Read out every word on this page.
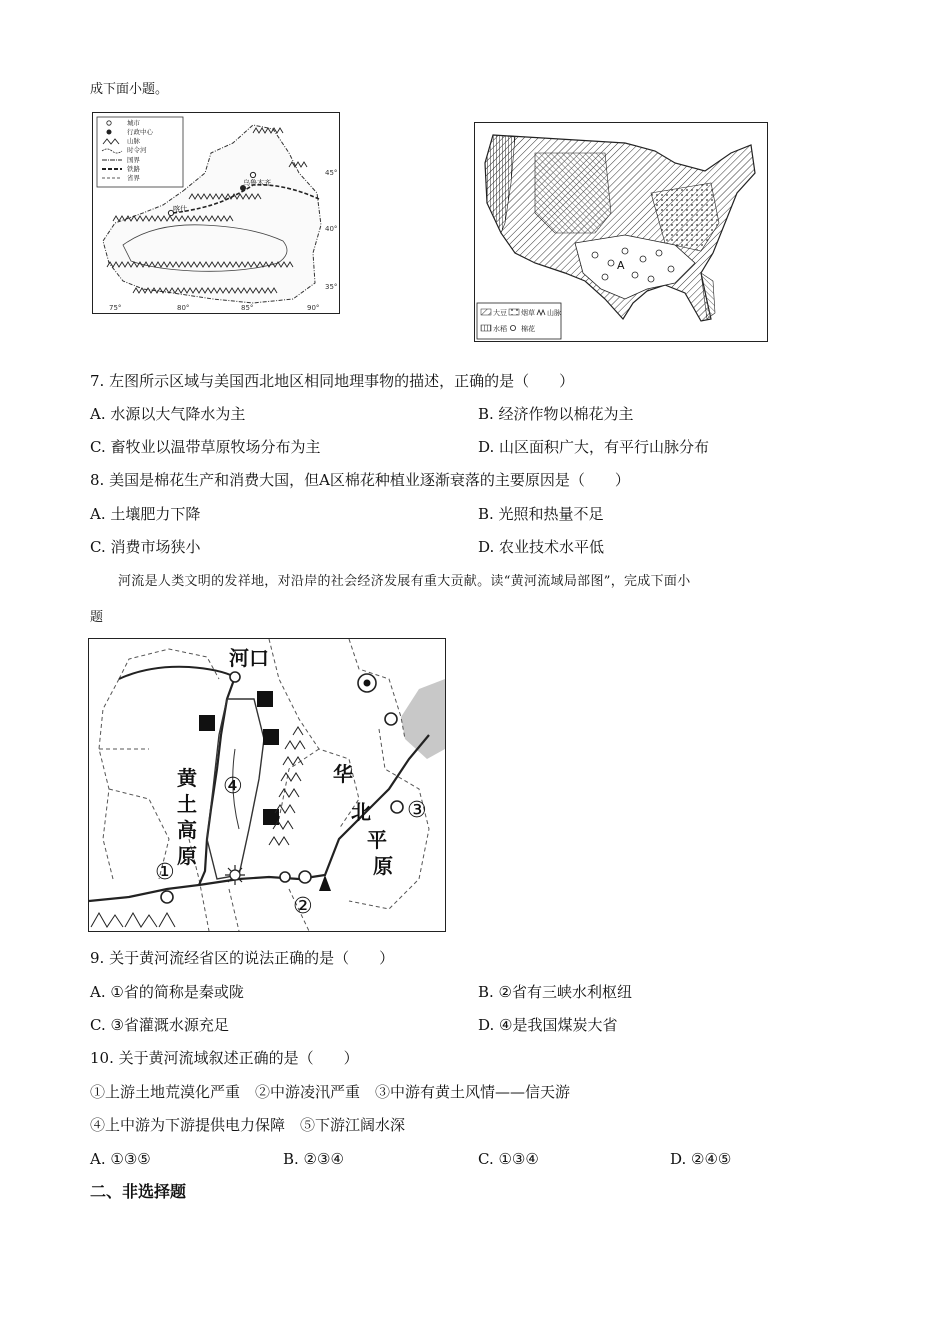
成下面小题。
城市
行政中心
山脉
时令河
国界
铁路
省界
乌鲁木齐
喀什
45°
40°
35°
75°	80°	85°	90°
A
大豆 烟草 山脉
水稻 棉花
7. 左图所示区域与美国西北地区相同地理事物的描述，正确的是（　　）
A. 水源以大气降水为主	B. 经济作物以棉花为主
C. 畜牧业以温带草原牧场分布为主	D. 山区面积广大，有平行山脉分布
8. 美国是棉花生产和消费大国，但A区棉花种植业逐渐衰落的主要原因是（　　）
A. 土壤肥力下降	B. 光照和热量不足
C. 消费市场狭小	D. 农业技术水平低
河流是人类文明的发祥地，对沿岸的社会经济发展有重大贡献。读“黄河流域局部图”，完成下面小
题
河口
黄
土
高
原
华
北
平
原
①
②
③
④
9. 关于黄河流经省区的说法正确的是（　　）
A. ①省的简称是秦或陇	B. ②省有三峡水利枢纽
C. ③省灌溉水源充足	D. ④是我国煤炭大省
10. 关于黄河流域叙述正确的是（　　）
①上游土地荒漠化严重　②中游凌汛严重　③中游有黄土风情——信天游
④上中游为下游提供电力保障　⑤下游江阔水深
A. ①③⑤	B. ②③④	C. ①③④	D. ②④⑤
二、非选择题
